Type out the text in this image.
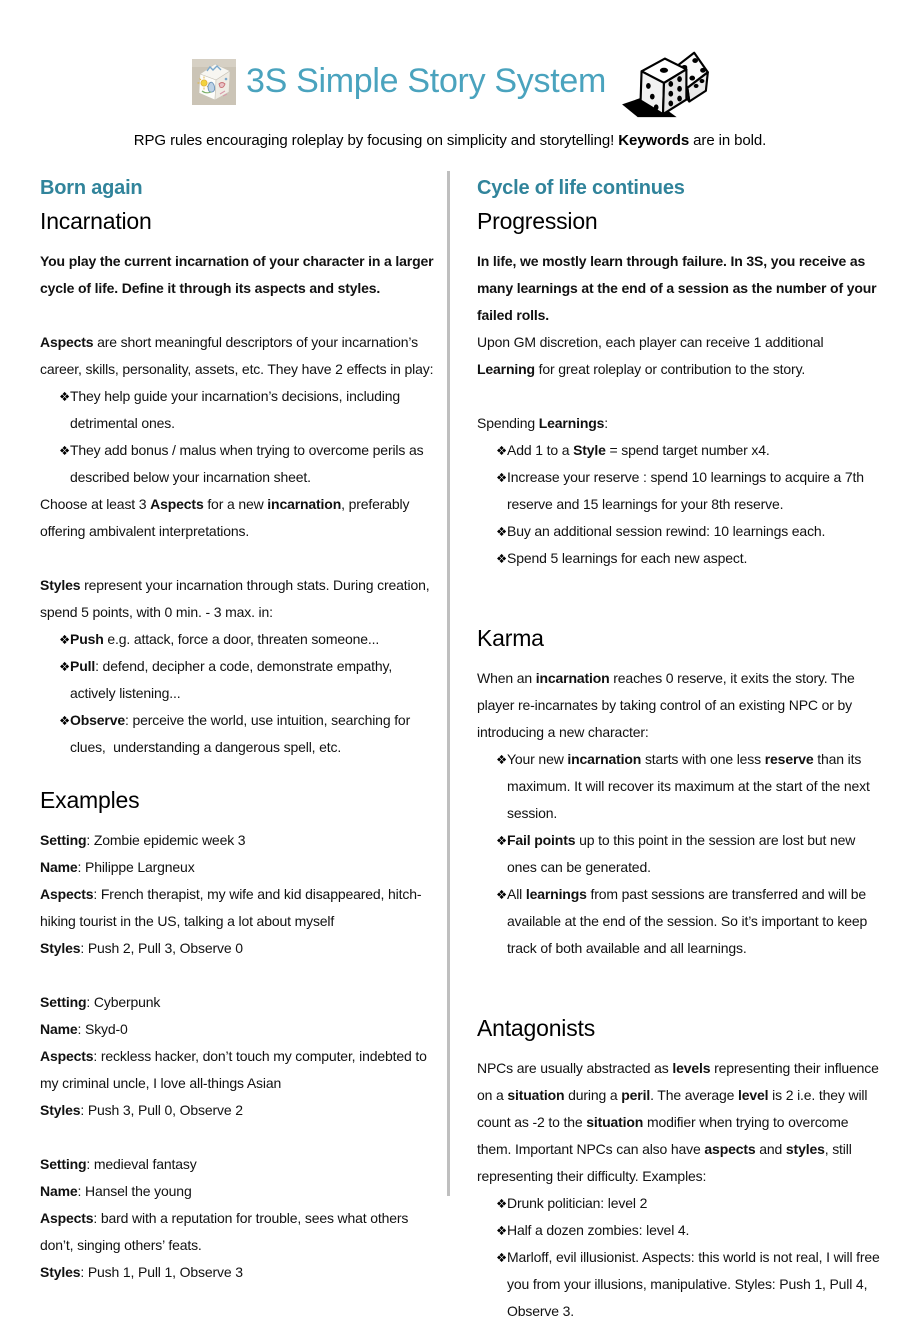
3S Simple Story System
RPG rules encouraging roleplay by focusing on simplicity and storytelling! Keywords are in bold.
Born again
Incarnation
You play the current incarnation of your character in a larger cycle of life. Define it through its aspects and styles.
Aspects are short meaningful descriptors of your incarnation’s career, skills, personality, assets, etc. They have 2 effects in play:
❖ They help guide your incarnation’s decisions, including detrimental ones.
❖ They add bonus / malus when trying to overcome perils as described below your incarnation sheet.
Choose at least 3 Aspects for a new incarnation, preferably offering ambivalent interpretations.
Styles represent your incarnation through stats. During creation, spend 5 points, with 0 min. - 3 max. in:
❖ Push e.g. attack, force a door, threaten someone...
❖ Pull: defend, decipher a code, demonstrate empathy, actively listening...
❖ Observe: perceive the world, use intuition, searching for clues,  understanding a dangerous spell, etc.
Examples
Setting: Zombie epidemic week 3
Name: Philippe Largneux
Aspects: French therapist, my wife and kid disappeared, hitch-hiking tourist in the US, talking a lot about myself
Styles: Push 2, Pull 3, Observe 0
Setting: Cyberpunk
Name: Skyd-0
Aspects: reckless hacker, don’t touch my computer, indebted to my criminal uncle, I love all-things Asian
Styles: Push 3, Pull 0, Observe 2
Setting: medieval fantasy
Name: Hansel the young
Aspects: bard with a reputation for trouble, sees what others don’t, singing others’ feats.
Styles: Push 1, Pull 1, Observe 3
Cycle of life continues
Progression
In life, we mostly learn through failure. In 3S, you receive as many learnings at the end of a session as the number of your failed rolls.
Upon GM discretion, each player can receive 1 additional Learning for great roleplay or contribution to the story.
Spending Learnings:
❖ Add 1 to a Style = spend target number x4.
❖ Increase your reserve : spend 10 learnings to acquire a 7th reserve and 15 learnings for your 8th reserve.
❖ Buy an additional session rewind: 10 learnings each.
❖ Spend 5 learnings for each new aspect.
Karma
When an incarnation reaches 0 reserve, it exits the story. The player re-incarnates by taking control of an existing NPC or by introducing a new character:
❖ Your new incarnation starts with one less reserve than its maximum. It will recover its maximum at the start of the next session.
❖ Fail points up to this point in the session are lost but new ones can be generated.
❖ All learnings from past sessions are transferred and will be available at the end of the session. So it’s important to keep track of both available and all learnings.
Antagonists
NPCs are usually abstracted as levels representing their influence on a situation during a peril. The average level is 2 i.e. they will count as -2 to the situation modifier when trying to overcome them. Important NPCs can also have aspects and styles, still representing their difficulty. Examples:
❖ Drunk politician: level 2
❖ Half a dozen zombies: level 4.
❖ Marloff, evil illusionist. Aspects: this world is not real, I will free you from your illusions, manipulative. Styles: Push 1, Pull 4, Observe 3.
